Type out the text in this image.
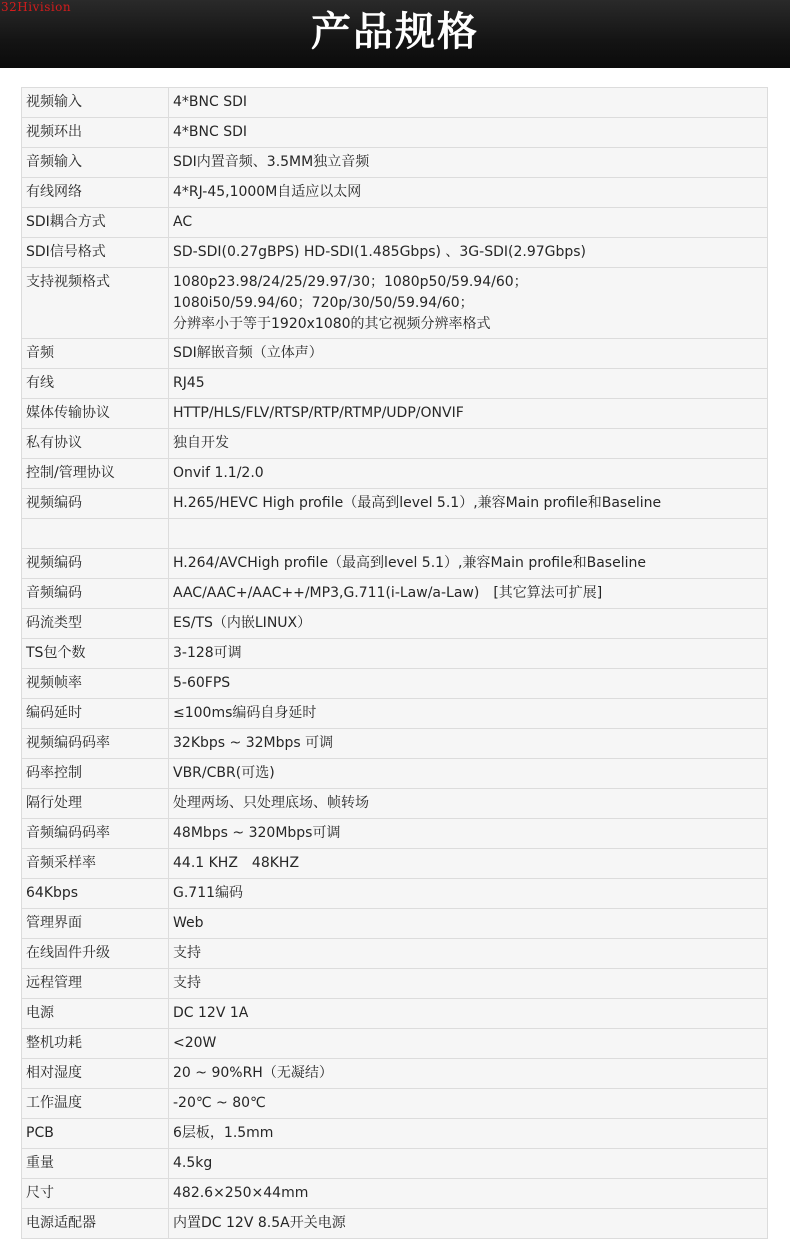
32Hivision
产品规格
视频输入	4*BNC SDI
视频环出	4*BNC SDI
音频输入	SDI内置音频、3.5MM独立音频
有线网络	4*RJ-45,1000M自适应以太网
SDI耦合方式	AC
SDI信号格式	SD-SDI(0.27gBPS) HD-SDI(1.485Gbps) 、3G-SDI(2.97Gbps)
支持视频格式	1080p23.98/24/25/29.97/30；1080p50/59.94/60；
1080i50/59.94/60；720p/30/50/59.94/60；
分辨率小于等于1920x1080的其它视频分辨率格式

音频	SDI解嵌音频（立体声）
有线	RJ45
媒体传输协议	HTTP/HLS/FLV/RTSP/RTP/RTMP/UDP/ONVIF
私有协议	独自开发
控制/管理协议	Onvif 1.1/2.0
视频编码	H.265/HEVC High profile（最高到level 5.1）,兼容Main profile和Baseline

视频编码	H.264/AVCHigh profile（最高到level 5.1）,兼容Main profile和Baseline
音频编码	AAC/AAC+/AAC++/MP3,G.711(i-Law/a-Law)　[其它算法可扩展]
码流类型	ES/TS（内嵌LINUX）
TS包个数	3-128可调
视频帧率	5-60FPS
编码延时	≤100ms编码自身延时
视频编码码率	32Kbps ~ 32Mbps 可调
码率控制	VBR/CBR(可选)
隔行处理	处理两场、只处理底场、帧转场
音频编码码率	48Mbps ~ 320Mbps可调
音频采样率	44.1 KHZ　48KHZ
64Kbps	G.711编码
管理界面	Web
在线固件升级	支持
远程管理	支持
电源	DC 12V 1A
整机功耗	<20W
相对湿度	20 ~ 90%RH（无凝结）
工作温度	-20℃ ~ 80℃
PCB	6层板，1.5mm
重量	4.5kg
尺寸	482.6×250×44mm
电源适配器	内置DC 12V 8.5A开关电源
